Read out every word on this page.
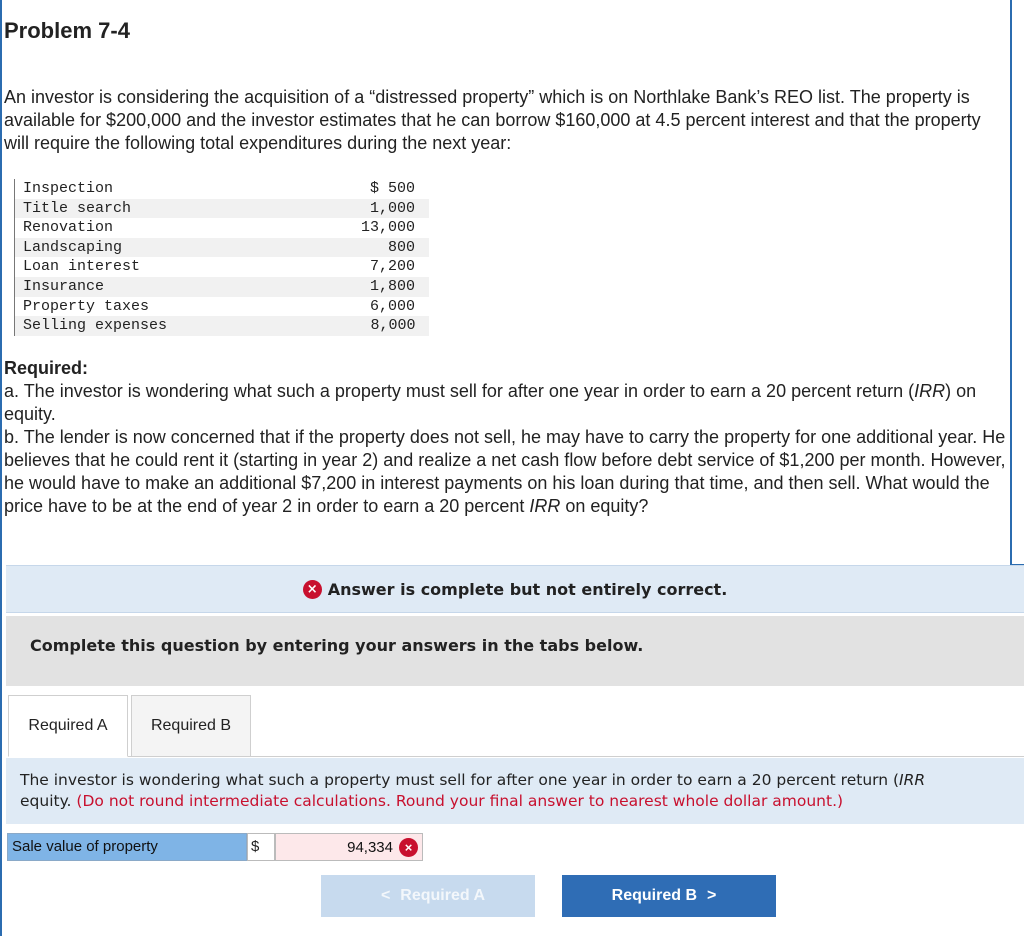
Problem 7-4
An investor is considering the acquisition of a “distressed property” which is on Northlake Bank’s REO list. The property is available for $200,000 and the investor estimates that he can borrow $160,000 at 4.5 percent interest and that the property will require the following total expenditures during the next year:
Inspection	$ 500
Title search	1,000
Renovation	13,000
Landscaping	800
Loan interest	7,200
Insurance	1,800
Property taxes	6,000
Selling expenses	8,000
Required:

a. The investor is wondering what such a property must sell for after one year in order to earn a 20 percent return (IRR) on equity.

b. The lender is now concerned that if the property does not sell, he may have to carry the property for one additional year. He believes that he could rent it (starting in year 2) and realize a net cash flow before debt service of $1,200 per month. However, he would have to make an additional $7,200 in interest payments on his loan during that time, and then sell. What would the price have to be at the end of year 2 in order to earn a 20 percent IRR on equity?

× Answer is complete but not entirely correct.
Complete this question by entering your answers in the tabs below.
Required A	Required B
The investor is wondering what such a property must sell for after one year in order to earn a 20 percent return (IRR
equity. (Do not round intermediate calculations. Round your final answer to nearest whole dollar amount.)
Sale value of property	$	94,334 ×
< Required A	Required B >
